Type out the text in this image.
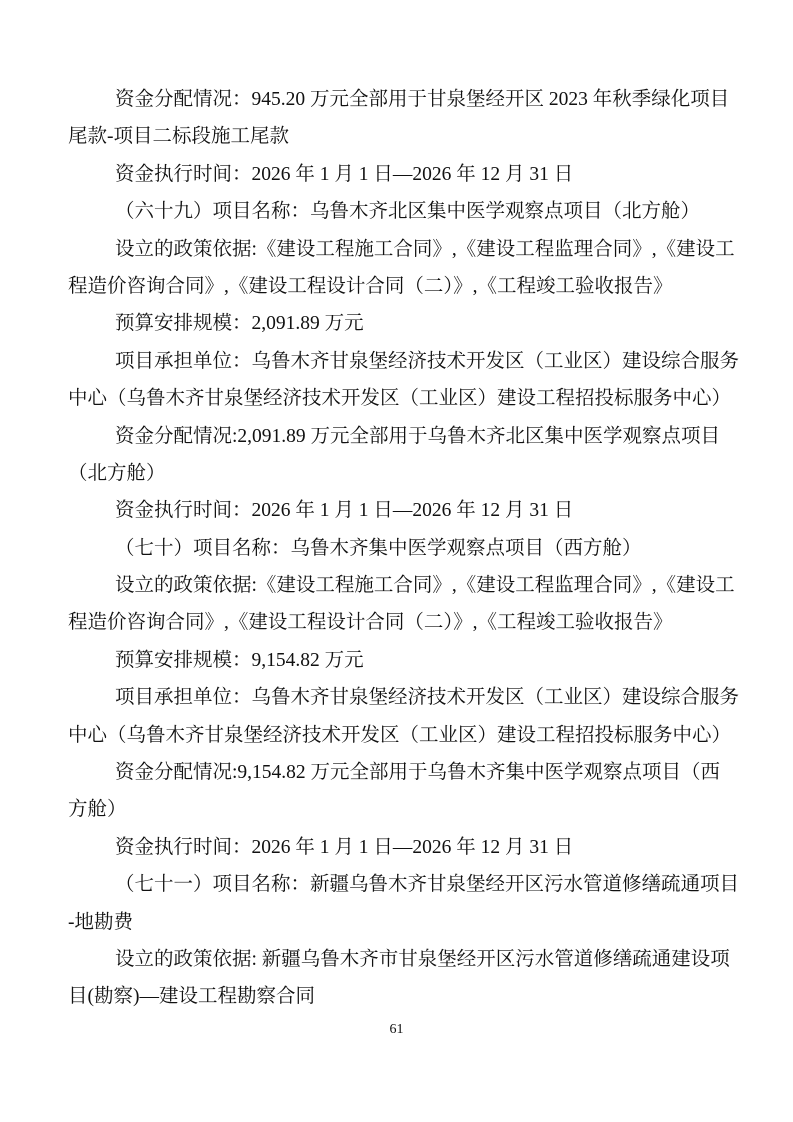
资金分配情况：945.20 万元全部用于甘泉堡经开区 2023 年秋季绿化项目
尾款-项目二标段施工尾款
资金执行时间：2026 年 1 月 1 日—2026 年 12 月 31 日
（六十九）项目名称：乌鲁木齐北区集中医学观察点项目（北方舱）
设立的政策依据:《建设工程施工合同》,《建设工程监理合同》,《建设工
程造价咨询合同》,《建设工程设计合同（二）》,《工程竣工验收报告》
预算安排规模：2,091.89 万元
项目承担单位：乌鲁木齐甘泉堡经济技术开发区（工业区）建设综合服务
中心（乌鲁木齐甘泉堡经济技术开发区（工业区）建设工程招投标服务中心）
资金分配情况:2,091.89 万元全部用于乌鲁木齐北区集中医学观察点项目
（北方舱）
资金执行时间：2026 年 1 月 1 日—2026 年 12 月 31 日
（七十）项目名称：乌鲁木齐集中医学观察点项目（西方舱）
设立的政策依据:《建设工程施工合同》,《建设工程监理合同》,《建设工
程造价咨询合同》,《建设工程设计合同（二）》,《工程竣工验收报告》
预算安排规模：9,154.82 万元
项目承担单位：乌鲁木齐甘泉堡经济技术开发区（工业区）建设综合服务
中心（乌鲁木齐甘泉堡经济技术开发区（工业区）建设工程招投标服务中心）
资金分配情况:9,154.82 万元全部用于乌鲁木齐集中医学观察点项目（西
方舱）
资金执行时间：2026 年 1 月 1 日—2026 年 12 月 31 日
（七十一）项目名称：新疆乌鲁木齐甘泉堡经开区污水管道修缮疏通项目
-地勘费
设立的政策依据: 新疆乌鲁木齐市甘泉堡经开区污水管道修缮疏通建设项
目(勘察)—建设工程勘察合同
61
